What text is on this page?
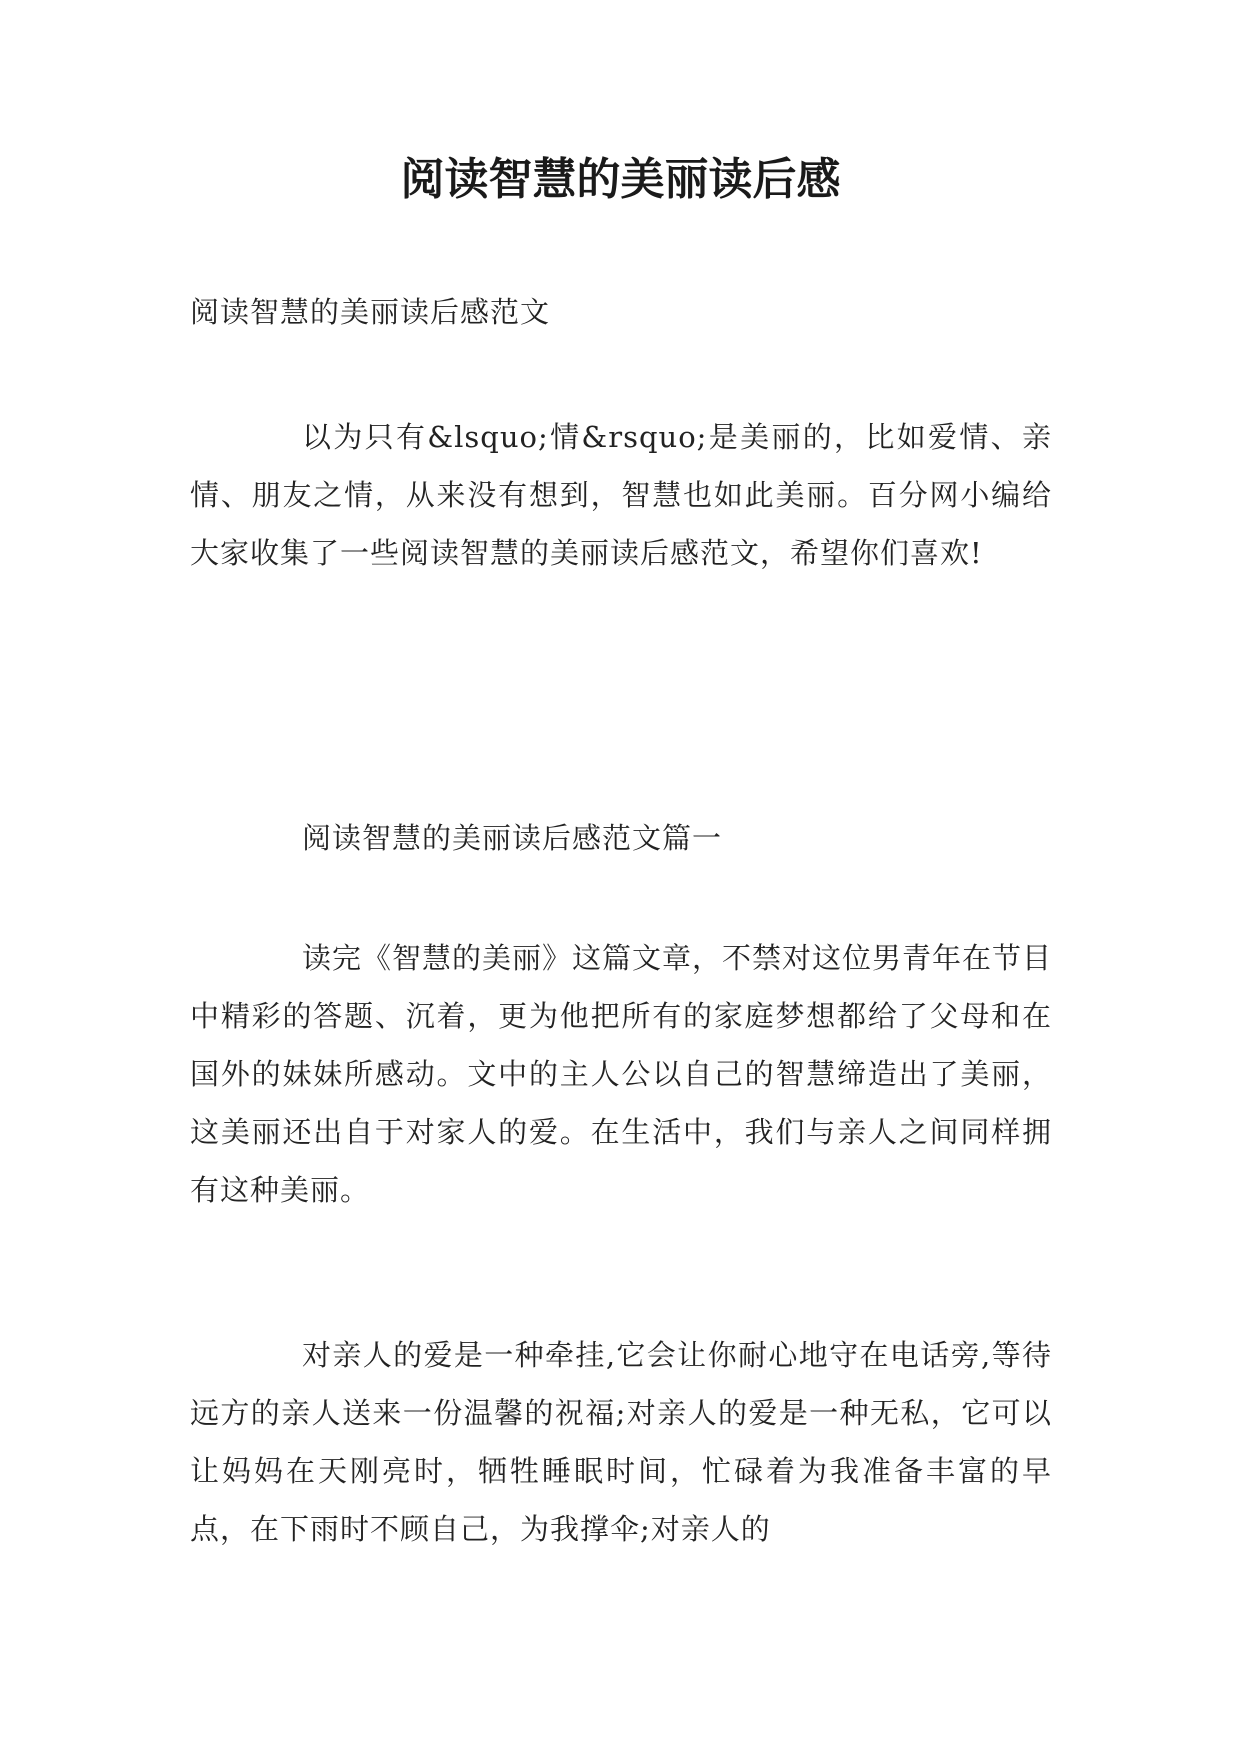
阅读智慧的美丽读后感
阅读智慧的美丽读后感范文
以为只有&lsquo;情&rsquo;是美丽的，比如爱情、亲情、朋友之情，从来没有想到，智慧也如此美丽。百分网小编给大家收集了一些阅读智慧的美丽读后感范文，希望你们喜欢!
阅读智慧的美丽读后感范文篇一
读完《智慧的美丽》这篇文章，不禁对这位男青年在节目中精彩的答题、沉着，更为他把所有的家庭梦想都给了父母和在国外的妹妹所感动。文中的主人公以自己的智慧缔造出了美丽，这美丽还出自于对家人的爱。在生活中，我们与亲人之间同样拥有这种美丽。
对亲人的爱是一种牵挂,它会让你耐心地守在电话旁,等待远方的亲人送来一份温馨的祝福;对亲人的爱是一种无私，它可以让妈妈在天刚亮时，牺牲睡眠时间，忙碌着为我准备丰富的早点，在下雨时不顾自己，为我撑伞;对亲人的
